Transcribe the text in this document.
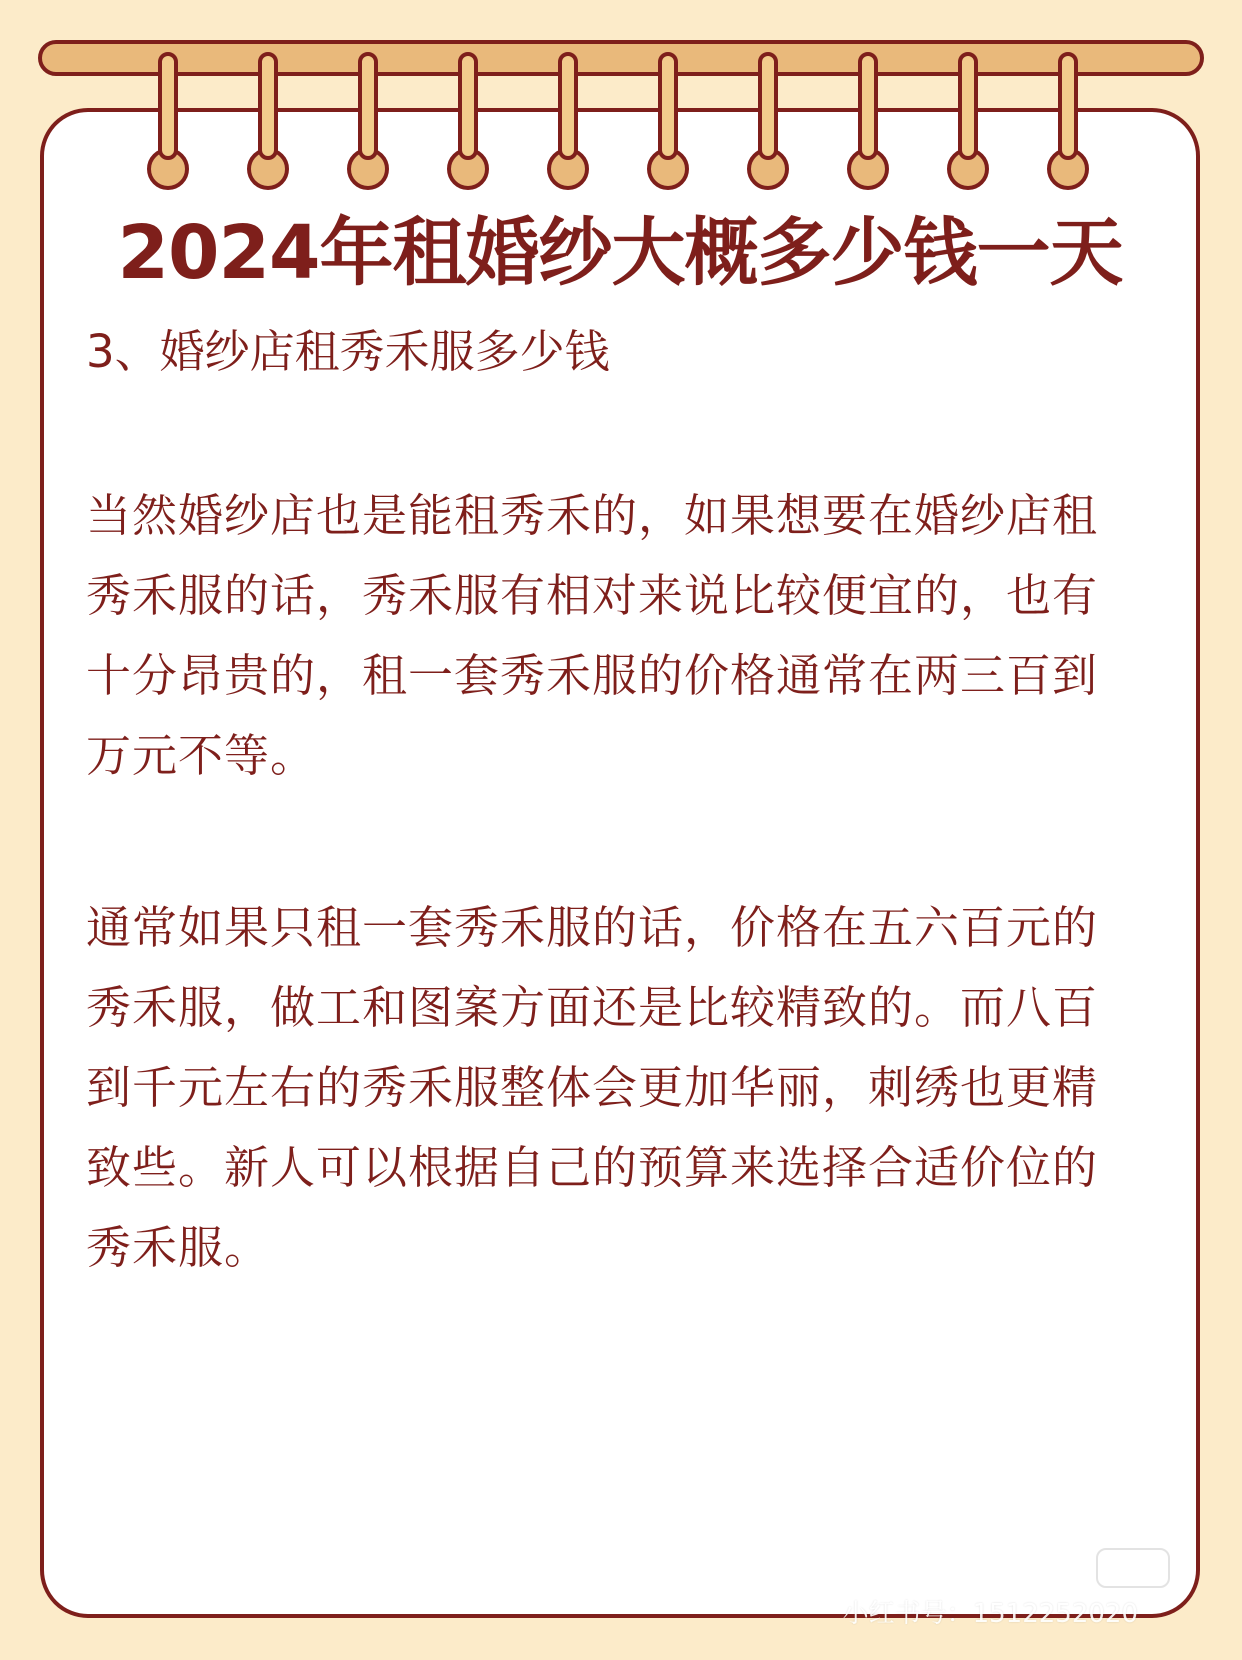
2024年租婚纱大概多少钱一天

3、婚纱店租秀禾服多少钱

当然婚纱店也是能租秀禾的，如果想要在婚纱店租秀禾服的话，秀禾服有相对来说比较便宜的，也有十分昂贵的，租一套秀禾服的价格通常在两三百到万元不等。

通常如果只租一套秀禾服的话，价格在五六百元的秀禾服，做工和图案方面还是比较精致的。而八百到千元左右的秀禾服整体会更加华丽，刺绣也更精致些。新人可以根据自己的预算来选择合适价位的秀禾服。

小红书号：1512252020
